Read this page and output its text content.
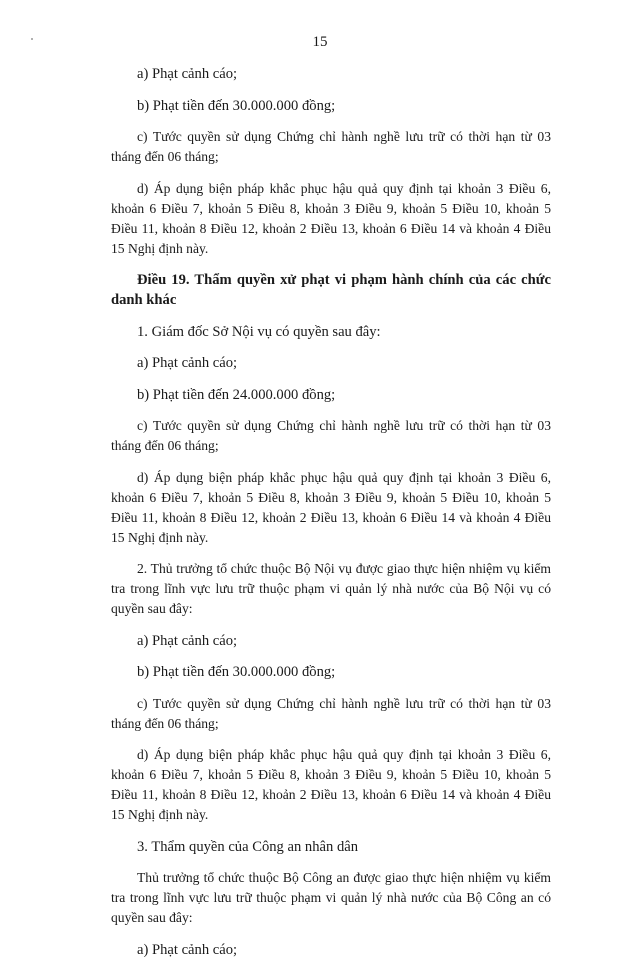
15

a) Phạt cảnh cáo;

b) Phạt tiền đến 30.000.000 đồng;

c) Tước quyền sử dụng Chứng chỉ hành nghề lưu trữ có thời hạn từ 03 tháng đến 06 tháng;

d) Áp dụng biện pháp khắc phục hậu quả quy định tại khoản 3 Điều 6, khoản 6 Điều 7, khoản 5 Điều 8, khoản 3 Điều 9, khoản 5 Điều 10, khoản 5 Điều 11, khoản 8 Điều 12, khoản 2 Điều 13, khoản 6 Điều 14 và khoản 4 Điều 15 Nghị định này.

Điều 19. Thẩm quyền xử phạt vi phạm hành chính của các chức danh khác

1. Giám đốc Sở Nội vụ có quyền sau đây:

a) Phạt cảnh cáo;

b) Phạt tiền đến 24.000.000 đồng;

c) Tước quyền sử dụng Chứng chỉ hành nghề lưu trữ có thời hạn từ 03 tháng đến 06 tháng;

d) Áp dụng biện pháp khắc phục hậu quả quy định tại khoản 3 Điều 6, khoản 6 Điều 7, khoản 5 Điều 8, khoản 3 Điều 9, khoản 5 Điều 10, khoản 5 Điều 11, khoản 8 Điều 12, khoản 2 Điều 13, khoản 6 Điều 14 và khoản 4 Điều 15 Nghị định này.

2. Thủ trưởng tổ chức thuộc Bộ Nội vụ được giao thực hiện nhiệm vụ kiểm tra trong lĩnh vực lưu trữ thuộc phạm vi quản lý nhà nước của Bộ Nội vụ có quyền sau đây:

a) Phạt cảnh cáo;

b) Phạt tiền đến 30.000.000 đồng;

c) Tước quyền sử dụng Chứng chỉ hành nghề lưu trữ có thời hạn từ 03 tháng đến 06 tháng;

d) Áp dụng biện pháp khắc phục hậu quả quy định tại khoản 3 Điều 6, khoản 6 Điều 7, khoản 5 Điều 8, khoản 3 Điều 9, khoản 5 Điều 10, khoản 5 Điều 11, khoản 8 Điều 12, khoản 2 Điều 13, khoản 6 Điều 14 và khoản 4 Điều 15 Nghị định này.

3. Thẩm quyền của Công an nhân dân

Thủ trưởng tổ chức thuộc Bộ Công an được giao thực hiện nhiệm vụ kiểm tra trong lĩnh vực lưu trữ thuộc phạm vi quản lý nhà nước của Bộ Công an có quyền sau đây:

a) Phạt cảnh cáo;
